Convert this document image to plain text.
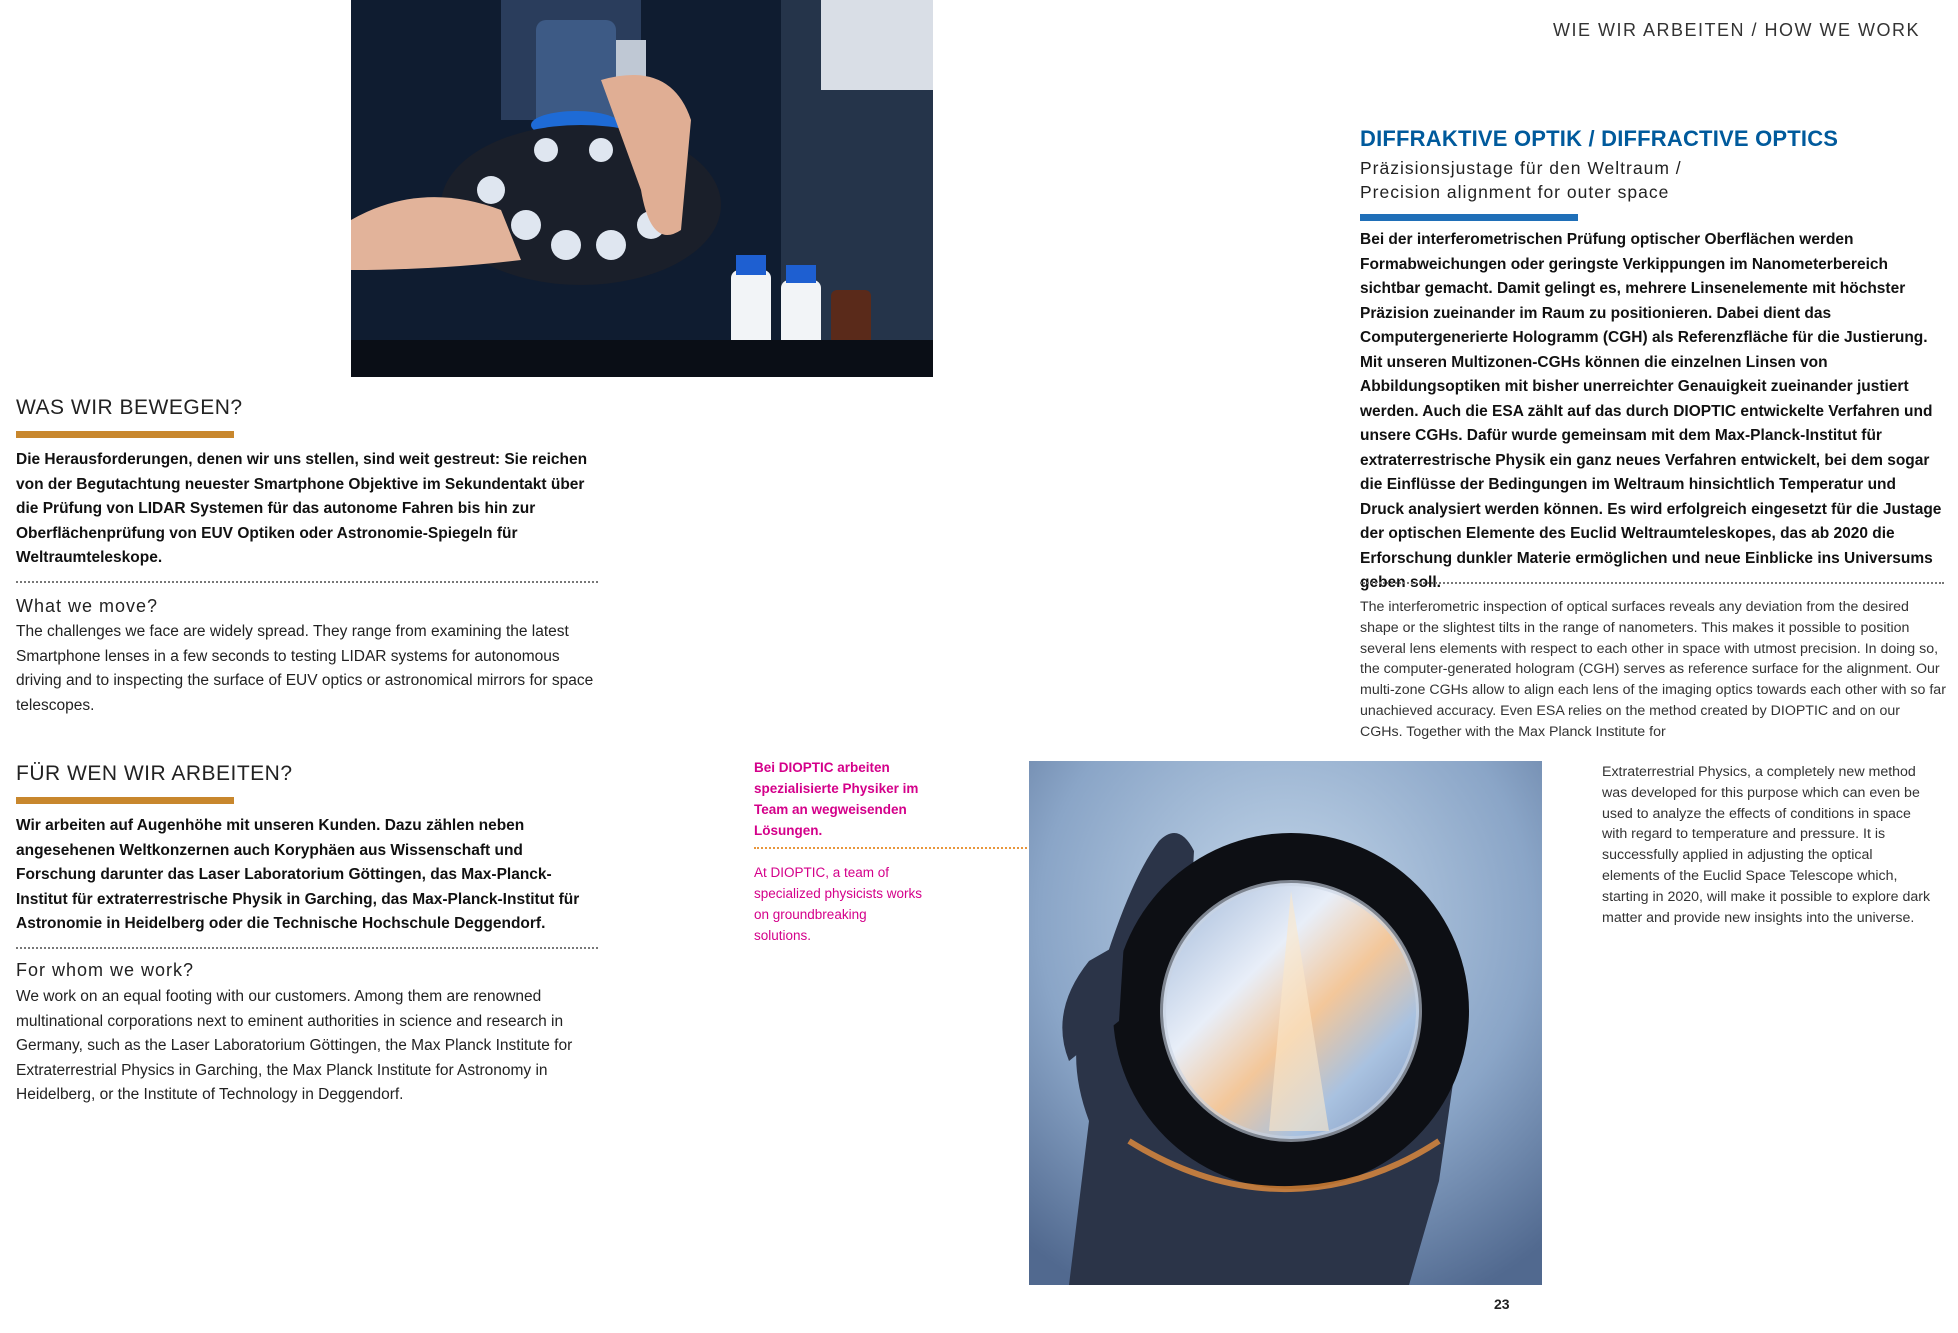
WIE WIR ARBEITEN / HOW WE WORK
WAS WIR BEWEGEN?

Die Herausforderungen, denen wir uns stellen, sind weit gestreut: Sie reichen von der Begutachtung neuester Smartphone Objektive im Sekundentakt über die Prüfung von LIDAR Systemen für das autonome Fahren bis hin zur Oberflächenprüfung von EUV Optiken oder Astronomie-Spiegeln für Weltraumteleskope.

What we move?

The challenges we face are widely spread. They range from examining the latest Smartphone lenses in a few seconds to testing LIDAR systems for autonomous driving and to inspecting the surface of EUV optics or astronomical mirrors for space telescopes.

FÜR WEN WIR ARBEITEN?

Wir arbeiten auf Augenhöhe mit unseren Kunden. Dazu zählen neben angesehenen Weltkonzernen auch Koryphäen aus Wissenschaft und Forschung darunter das Laser Laboratorium Göttingen, das Max-Planck-Institut für extraterrestrische Physik in Garching, das Max-Planck-Institut für Astronomie in Heidelberg oder die Technische Hochschule Deggendorf.

For whom we work?

We work on an equal footing with our customers. Among them are renowned multinational corporations next to eminent authorities in science and research in Germany, such as the Laser Laboratorium Göttingen, the Max Planck Institute for Extraterrestrial Physics in Garching, the Max Planck Institute for Astronomy in Heidelberg, or the Institute of Technology in Deggendorf.

DIFFRAKTIVE OPTIK / DIFFRACTIVE OPTICS

Präzisionsjustage für den Weltraum /

Precision alignment for outer space

Bei der interferometrischen Prüfung optischer Oberflächen werden Formabweichungen oder geringste Verkippungen im Nanometerbereich sichtbar gemacht. Damit gelingt es, mehrere Linsenelemente mit höchster Präzision zueinander im Raum zu positionieren. Dabei dient das Computergenerierte Hologramm (CGH) als Referenzfläche für die Justierung. Mit unseren Multizonen-CGHs können die einzelnen Linsen von Abbildungsoptiken mit bisher unerreichter Genauigkeit zueinander justiert werden. Auch die ESA zählt auf das durch DIOPTIC entwickelte Verfahren und unsere CGHs. Dafür wurde gemeinsam mit dem Max-Planck-Institut für extraterrestrische Physik ein ganz neues Verfahren entwickelt, bei dem sogar die Einflüsse der Bedingungen im Weltraum hinsichtlich Temperatur und Druck analysiert werden können. Es wird erfolgreich eingesetzt für die Justage der optischen Elemente des Euclid Weltraumteleskopes, das ab 2020 die Erforschung dunkler Materie ermöglichen und neue Einblicke ins Universums geben soll.

The interferometric inspection of optical surfaces reveals any deviation from the desired shape or the slightest tilts in the range of nanometers. This makes it possible to position several lens elements with respect to each other in space with utmost precision. In doing so, the computer-generated hologram (CGH) serves as reference surface for the alignment. Our multi-zone CGHs allow to align each lens of the imaging optics towards each other with so far unachieved accuracy. Even ESA relies on the method created by DIOPTIC and on our CGHs. Together with the Max Planck Institute for

Extraterrestrial Physics, a completely new method was developed for this purpose which can even be used to analyze the effects of conditions in space with regard to temperature and pressure. It is successfully applied in adjusting the optical elements of the Euclid Space Telescope which, starting in 2020, will make it possible to explore dark matter and provide new insights into the universe.

Bei DIOPTIC arbeiten spezialisierte Physiker im Team an wegweisenden Lösungen.

At DIOPTIC, a team of specialized physicists works on groundbreaking solutions.

23
